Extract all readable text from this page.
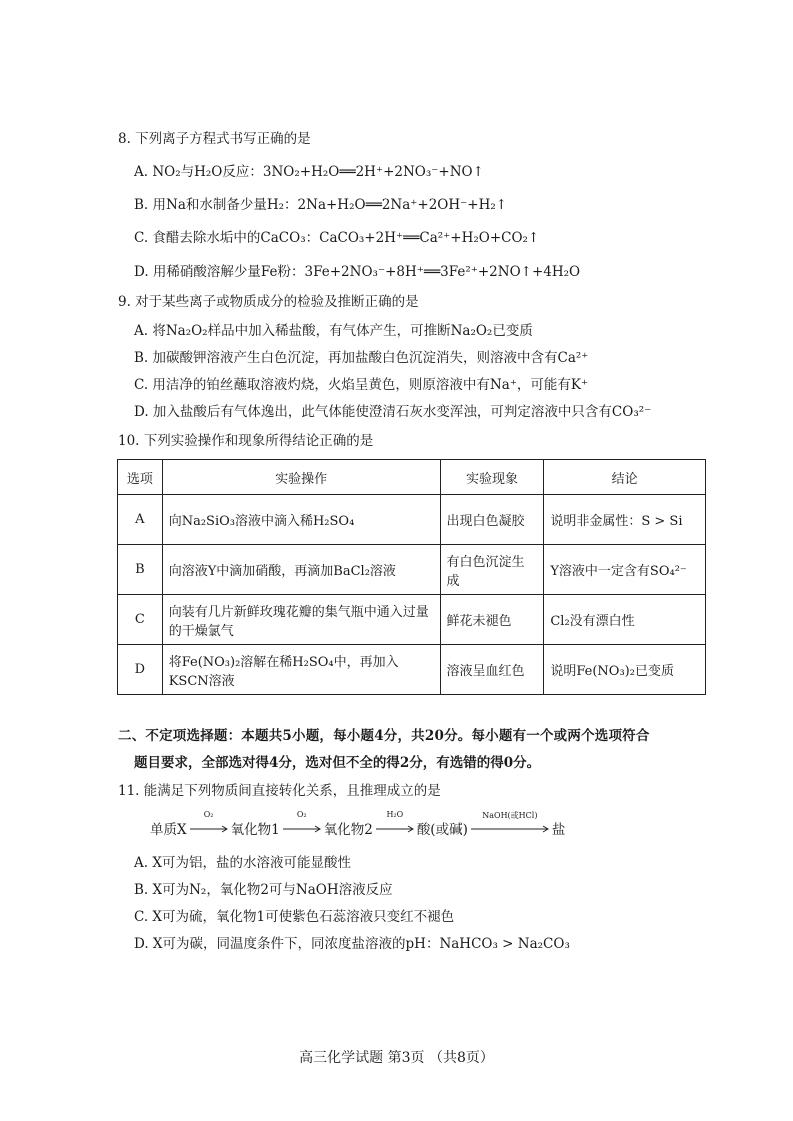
8. 下列离子方程式书写正确的是
A. NO₂与H₂O反应：3NO₂+H₂O══2H⁺+2NO₃⁻+NO↑
B. 用Na和水制备少量H₂：2Na+H₂O══2Na⁺+2OH⁻+H₂↑
C. 食醋去除水垢中的CaCO₃：CaCO₃+2H⁺══Ca²⁺+H₂O+CO₂↑
D. 用稀硝酸溶解少量Fe粉：3Fe+2NO₃⁻+8H⁺══3Fe²⁺+2NO↑+4H₂O
9. 对于某些离子或物质成分的检验及推断正确的是
A. 将Na₂O₂样品中加入稀盐酸，有气体产生，可推断Na₂O₂已变质
B. 加碳酸钾溶液产生白色沉淀，再加盐酸白色沉淀消失，则溶液中含有Ca²⁺
C. 用洁净的铂丝蘸取溶液灼烧，火焰呈黄色，则原溶液中有Na⁺，可能有K⁺
D. 加入盐酸后有气体逸出，此气体能使澄清石灰水变浑浊，可判定溶液中只含有CO₃²⁻
10. 下列实验操作和现象所得结论正确的是
选项	实验操作	实验现象	结论
A	向Na₂SiO₃溶液中滴入稀H₂SO₄	出现白色凝胶	说明非金属性：S > Si
B	向溶液Y中滴加硝酸，再滴加BaCl₂溶液	有白色沉淀生成	Y溶液中一定含有SO₄²⁻
C	向装有几片新鲜玫瑰花瓣的集气瓶中通入过量的干燥氯气	鲜花未褪色	Cl₂没有漂白性
D	将Fe(NO₃)₂溶解在稀H₂SO₄中，再加入KSCN溶液	溶液呈血红色	说明Fe(NO₃)₂已变质
二、不定项选择题：本题共5小题，每小题4分，共20分。每小题有一个或两个选项符合
题目要求，全部选对得4分，选对但不全的得2分，有选错的得0分。
11. 能满足下列物质间直接转化关系，且推理成立的是
单质X
O₂
氧化物1
O₂
氧化物2
H₂O
酸(或碱)
NaOH(或HCl)
盐
A. X可为铝，盐的水溶液可能显酸性
B. X可为N₂，氧化物2可与NaOH溶液反应
C. X可为硫，氧化物1可使紫色石蕊溶液只变红不褪色
D. X可为碳，同温度条件下，同浓度盐溶液的pH：NaHCO₃ > Na₂CO₃
高三化学试题 第3页 （共8页）
